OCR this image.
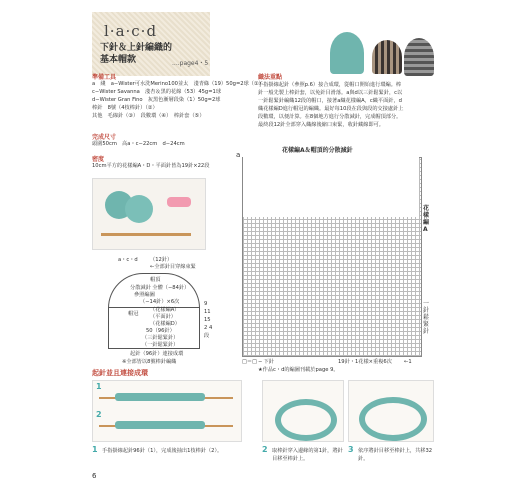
l·a·c·d
下針＆上針編織的
基本帽款	....page4・5
準備工具
a　綫　a−Wister可水洗Merino100並太　淺青綠（19）50g=2球（①）
c−Wister Savanna　淺杏＆黑的花線（53）45g=1球
d−Wister Gran Fino　灰黑色漸層段染（1）50g=2球
棒針　8號（4枝棒針）（②）
其他　毛線針（③）　段數環（④）　棒針套（⑤）
完成尺寸
頭圍50cm　高a・c−22cm　d−24cm
密度
10cm平方的花樣編A・D・平面針皆為19針×22段
織法重點
手指掛線起針（參照p.6）接合成環，從帽口開始進行環編。棒
針一般先製上棒針套，以免針目滑落。a與d以三針鬆緊針，c以
一針鬆緊針編織12段的帽口，接著a織花樣編A，c織平面針，d
織花樣編D進行帽冠的編織。最好每10段在段與段的交接處針上
段數環，以便計算。在8個地方進行分散減針，完成帽頂部分。
最終段12針全部穿入織線後縮口束緊，收針藏線即可。
花樣編A＆帽頂的分散減針
a
花樣編A
一針鬆緊針
←1
19針・1花樣×重複6次
□＝□ ─ 下針
★作品c・d的編圖刊載於page 9。
a・c・d （12針）
←全部針目穿線束緊
帽頂
分散減針 全體（−84針）
參照編圖
（−14針）×6次
帽冠
（花樣編A）
（平面針）
（花樣編D）
50（96針）
（三針鬆緊針）
（一針鬆緊針）
9 11 15 2 4 段
起針（96針）連接成環
※全部皆以8號棒針編織
起針並且連接成環
1
2
1 手指掛線起針96針（1），完成後抽出1枝棒針（2）。	2 取棒針穿入邊緣的第1針，將針目移至棒針上。
3 依序將針目移至棒針上，共移32針。
6
